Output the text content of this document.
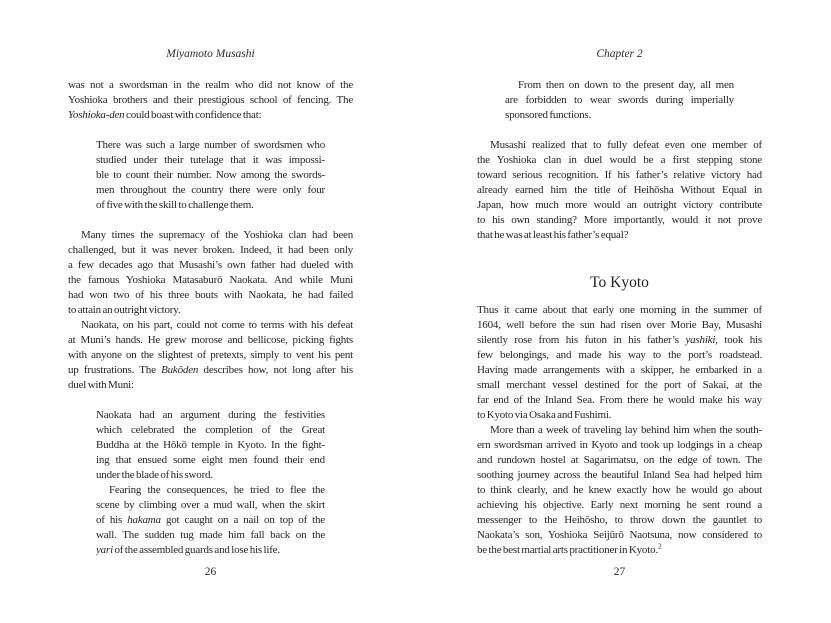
Miyamoto Musashi
was not a swordsman in the realm who did not know of the
Yoshioka brothers and their prestigious school of fencing. The
Yoshioka-den could boast with confidence that:
There was such a large number of swordsmen who
studied under their tutelage that it was impossi-
ble to count their number. Now among the swords-
men throughout the country there were only four
of five with the skill to challenge them.
Many times the supremacy of the Yoshioka clan had been
challenged, but it was never broken. Indeed, it had been only
a few decades ago that Musashi’s own father had dueled with
the famous Yoshioka Matasaburō Naokata. And while Muni
had won two of his three bouts with Naokata, he had failed
to attain an outright victory.
Naokata, on his part, could not come to terms with his defeat
at Muni’s hands. He grew morose and bellicose, picking fights
with anyone on the slightest of pretexts, simply to vent his pent
up frustrations. The Bukōden describes how, not long after his
duel with Muni:
Naokata had an argument during the festivities
which celebrated the completion of the Great
Buddha at the Hōkō temple in Kyoto. In the fight-
ing that ensued some eight men found their end
under the blade of his sword.
Fearing the consequences, he tried to flee the
scene by climbing over a mud wall, when the skirt
of his hakama got caught on a nail on top of the
wall. The sudden tug made him fall back on the
yari of the assembled guards and lose his life.
26
Chapter 2
From then on down to the present day, all men
are forbidden to wear swords during imperially
sponsored functions.
Musashi realized that to fully defeat even one member of
the Yoshioka clan in duel would be a first stepping stone
toward serious recognition. If his father’s relative victory had
already earned him the title of Heihōsha Without Equal in
Japan, how much more would an outright victory contribute
to his own standing? More importantly, would it not prove
that he was at least his father’s equal?
To Kyoto
Thus it came about that early one morning in the summer of
1604, well before the sun had risen over Morie Bay, Musashi
silently rose from his futon in his father’s yashiki, took his
few belongings, and made his way to the port’s roadstead.
Having made arrangements with a skipper, he embarked in a
small merchant vessel destined for the port of Sakai, at the
far end of the Inland Sea. From there he would make his way
to Kyoto via Osaka and Fushimi.
More than a week of traveling lay behind him when the south-
ern swordsman arrived in Kyoto and took up lodgings in a cheap
and rundown hostel at Sagarimatsu, on the edge of town. The
soothing journey across the beautiful Inland Sea had helped him
to think clearly, and he knew exactly how he would go about
achieving his objective. Early next morning he sent round a
messenger to the Heihōsho, to throw down the gauntlet to
Naokata’s son, Yoshioka Seijūrō Naotsuna, now considered to
be the best martial arts practitioner in Kyoto.$^2$
27
